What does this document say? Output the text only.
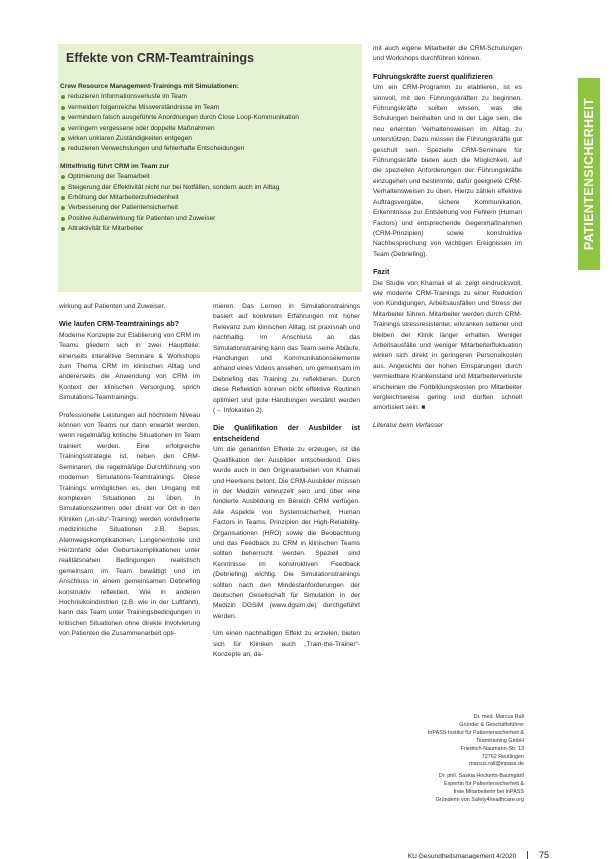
PATIENTENSICHERHEIT
Effekte von CRM-Teamtrainings
Crew Resource Management-Trainings mit Simulationen:
reduzieren Informationsverluste im Team
vermeiden folgenreiche Missverständnisse im Team
vermindern falsch ausgeführte Anordnungen durch Close Loop-Kommunikation
verringern vergessene oder doppelte Maßnahmen
wirken unklaren Zuständigkeiten entgegen
reduzieren Verwechslungen und fehlerhafte Entscheidungen
Mittelfristig führt CRM im Team zur
Optimierung der Teamarbeit
Steigerung der Effektivität nicht nur bei Notfällen, sondern auch im Alltag
Erhöhung der Mitarbeiterzufriedenheit
Verbesserung der Patientensicherheit
Positive Außenwirkung für Patienten und Zuweiser
Attraktivität für Mitarbeiter

wirkung auf Patienten und Zuweiser.

Wie laufen CRM-Teamtrainings ab?

Moderne Konzepte zur Etablierung von CRM im Teams gliedern sich in zwei Hauptteile: einerseits interaktive Seminare & Workshops zum Thema CRM im klinischen Alltag und andererseits die Anwendung von CRM im Kontext der klinischen Versorgung, sprich Simulations-Teamtrainings.

Professionelle Leistungen auf höchstem Niveau können von Teams nur dann erwartet werden, wenn regelmäßig kritische Situationen im Team trainiert werden. Eine erfolgreiche Trainingsstrategie ist, neben den CRM-Seminaren, die regelmäßige Durchführung von modernen Simulations-Teamtrainings. Diese Trainings ermöglichen es, den Umgang mit komplexen Situationen zu üben. In Simulationszentren oder direkt vor Ort in den Kliniken („in-situ“-Training) werden vordefinierte medizinische Situationen z.B. Sepsis, Atemwegskomplikationen, Lungenembolie und Herzinfarkt oder Geburtskomplikationen unter realitätsnahen Bedingungen realistisch gemeinsam im Team bewältigt und im Anschluss in einem gemeinsamen Debriefing konstruktiv reflektiert. Wie in anderen Hochrisikoindustrien (z.B. wie in der Luftfahrt), kann das Team unter Trainingsbedingungen in kritischen Situationen ohne direkte Involvierung von Patienten die Zusammenarbeit opti-

mieren. Das Lernen in Simulationstrainings basiert auf konkreten Erfahrungen mit hoher Relevanz zum klinischen Alltag, ist praxisnah und nachhaltig. Im Anschluss an das Simulationstraining kann das Team seine Abläufe, Handlungen und Kommunikationselemente anhand eines Videos ansehen, um gemeinsam im Debriefing das Training zu reflektieren. Durch diese Reflektion können nicht effektive Routinen optimiert und gute Handlungen verstärkt werden (→ Infokasten 2).

Die Qualifikation der Ausbilder ist entscheidend

Um die genannten Effekte zu erzeugen, ist die Qualifikation der Ausbilder entscheidend. Dies wurde auch in den Originalarbeiten von Khamali und Heerkens betont. Die CRM-Ausbilder müssen in der Medizin verwurzelt sein und über eine fundierte Ausbildung im Bereich CRM verfügen. Alle Aspekte von Systemsicherheit, Human Factors in Teams, Prinzipien der High-Reliability-Organisationen (HRO) sowie die Beobachtung und das Feedback zu CRM in klinischen Teams sollten beherrscht werden. Speziell sind Kenntnisse im konstruktiven Feedback (Debriefing) wichtig. Die Simulationstrainings sollten nach den Mindestanforderungen der deutschen Gesellschaft für Simulation in der Medizin DGSiM (www.dgsim.de) durchgeführt werden.

Um einen nachhaltigen Effekt zu erzielen, bieten sich für Kliniken auch „Train-the-Trainer“-Konzepte an, da-

mit auch eigene Mitarbeiter die CRM-Schulungen und Workshops durchführen können.

Führungskräfte zuerst qualifizieren

Um ein CRM-Programm zu etablieren, ist es sinnvoll, mit den Führungskräften zu beginnen. Führungskräfte sollten wissen, was die Schulungen beinhalten und in der Lage sein, die neu erlernten Verhaltensweisen im Alltag zu unterstützen. Dazu müssen die Führungskräfte gut geschult sein. Spezielle CRM-Seminare für Führungskräfte bieten auch die Möglichkeit, auf die speziellen Anforderungen der Führungskräfte einzugehen und bestimmte, dafür geeignete CRM-Verhaltensweisen zu üben. Hierzu zählen effektive Auftragsvergabe, sichere Kommunikation, Erkenntnisse zur Entstehung von Fehlern (Human Factors) und entsprechende Gegenmaßnahmen (CRM-Prinzipien) sowie konstruktive Nachbesprechung von wichtigen Ereignissen im Team (Debriefing).

Fazit

Die Studie von Khamali et al. zeigt eindrucksvoll, wie moderne CRM-Trainings zu einer Reduktion von Kündigungen, Arbeitsausfällen und Stress der Mitarbeiter führen. Mitarbeiter werden durch CRM-Trainings stressresistenter, erkranken seltener und bleiben der Klinik länger erhalten. Weniger Arbeitsausfälle und weniger Mitarbeiterfluktuation wirken sich direkt in geringeren Personalkosten aus. Angesichts der hohen Einsparungen durch vermiedbare Krankenstand und Mitarbeiterverluste erscheinen die Fortbildungskosten pro Mitarbeiter vergleichsweise gering und dürften schnell amortisiert sein. ■

Literatur beim Verfasser

Dr. med. Marcus Rall
Gründer & Geschäftsführer
InPASS Institut für Patientensicherheit &
Teamtraining GmbH
Friedrich-Naumann-Str. 13
72762 Reutlingen
marcus.rall@inpass.de
Dr. phil. Saskia Hockerts-Baumgärtl
Expertin für Patientensicherheit &
freie Mitarbeiterin bei InPASS
Gründerin von Safety4healthcare.org
KU Gesundheitsmanagement 4/2020	75
